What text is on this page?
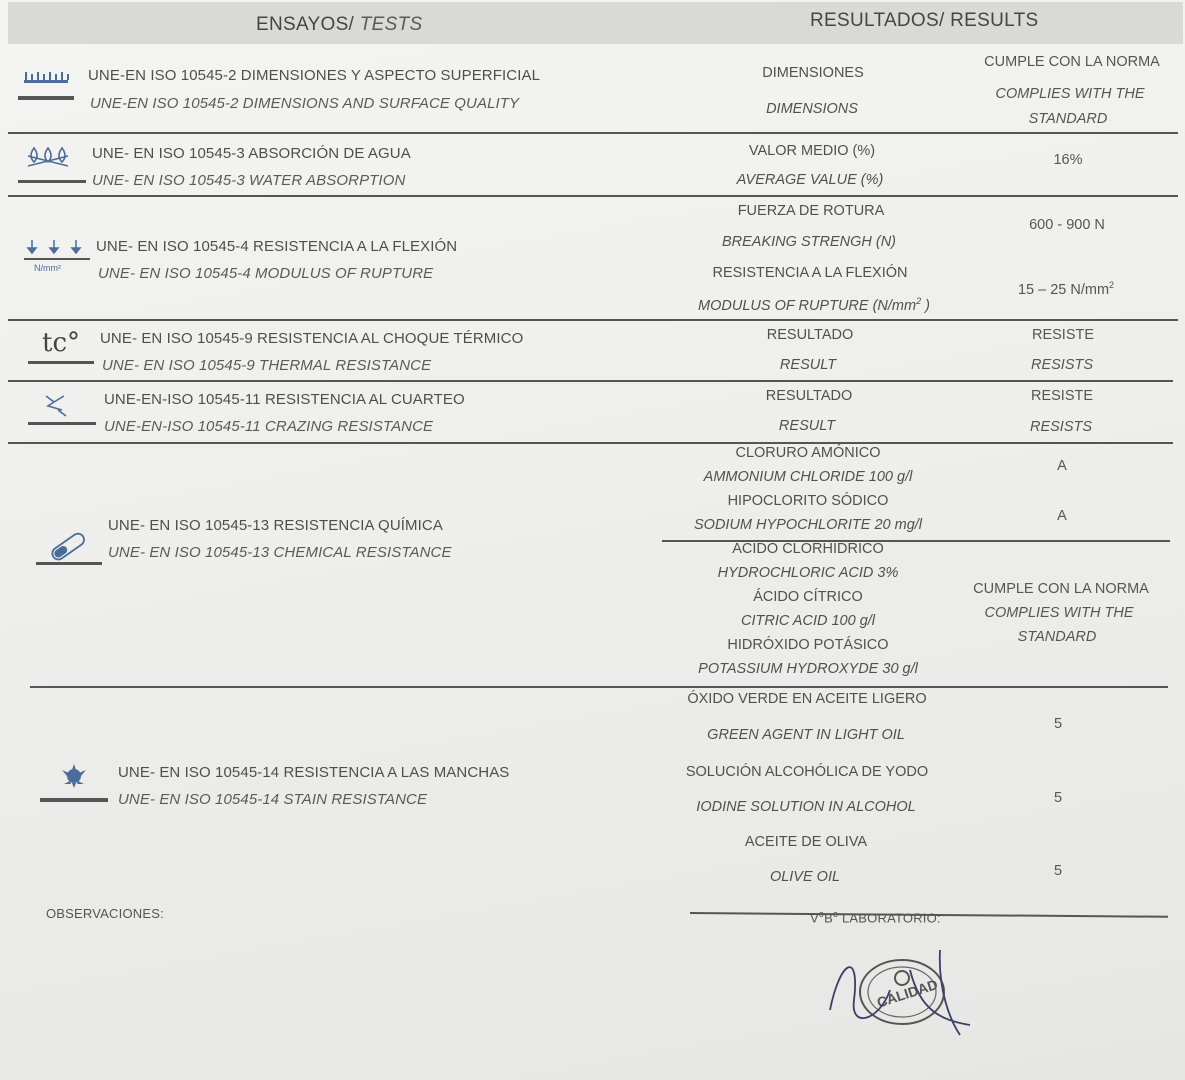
ENSAYOS/ TESTS	RESULTADOS/ RESULTS
UNE-EN ISO 10545-2 DIMENSIONES Y ASPECTO SUPERFICIAL
UNE-EN ISO 10545-2 DIMENSIONS AND SURFACE QUALITY
DIMENSIONES
DIMENSIONS
CUMPLE CON LA NORMA
COMPLIES WITH THE
STANDARD
UNE- EN ISO 10545-3 ABSORCIÓN DE AGUA
UNE- EN ISO 10545-3 WATER ABSORPTION
VALOR MEDIO (%)
AVERAGE VALUE (%)
16%
N/mm²
UNE- EN ISO 10545-4 RESISTENCIA A LA FLEXIÓN
UNE- EN ISO 10545-4 MODULUS OF RUPTURE
FUERZA DE ROTURA
BREAKING STRENGH (N)
RESISTENCIA A LA FLEXIÓN
MODULUS OF RUPTURE ($N/mm^2$ )
600 - 900 N
15 – 25 $N/mm^2$
tc° UNE- EN ISO 10545-9 RESISTENCIA AL CHOQUE TÉRMICO
UNE- EN ISO 10545-9 THERMAL RESISTANCE
RESULTADO
RESULT
RESISTE
RESISTS
UNE-EN-ISO 10545-11 RESISTENCIA AL CUARTEO
UNE-EN-ISO 10545-11 CRAZING RESISTANCE
RESULTADO
RESULT
RESISTE
RESISTS
UNE- EN ISO 10545-13 RESISTENCIA QUÍMICA
UNE- EN ISO 10545-13 CHEMICAL RESISTANCE
CLORURO AMÓNICO
AMMONIUM CHLORIDE 100 g/l
HIPOCLORITO SÓDICO
SODIUM HYPOCHLORITE 20 mg/l
ÁCIDO CLORHÍDRICO
HYDROCHLORIC ACID 3%
ÁCIDO CÍTRICO
CITRIC ACID 100 g/l
HIDRÓXIDO POTÁSICO
POTASSIUM HYDROXYDE 30 g/l
A
A
CUMPLE CON LA NORMA
COMPLIES WITH THE
STANDARD
UNE- EN ISO 10545-14 RESISTENCIA A LAS MANCHAS
UNE- EN ISO 10545-14 STAIN RESISTANCE
ÓXIDO VERDE EN ACEITE LIGERO
GREEN AGENT IN LIGHT OIL
SOLUCIÓN ALCOHÓLICA DE YODO
IODINE SOLUTION IN ALCOHOL
ACEITE DE OLIVA
OLIVE OIL
5
5
5
OBSERVACIONES:	$V^oB^o$ LABORATORIO:
CALIDAD
